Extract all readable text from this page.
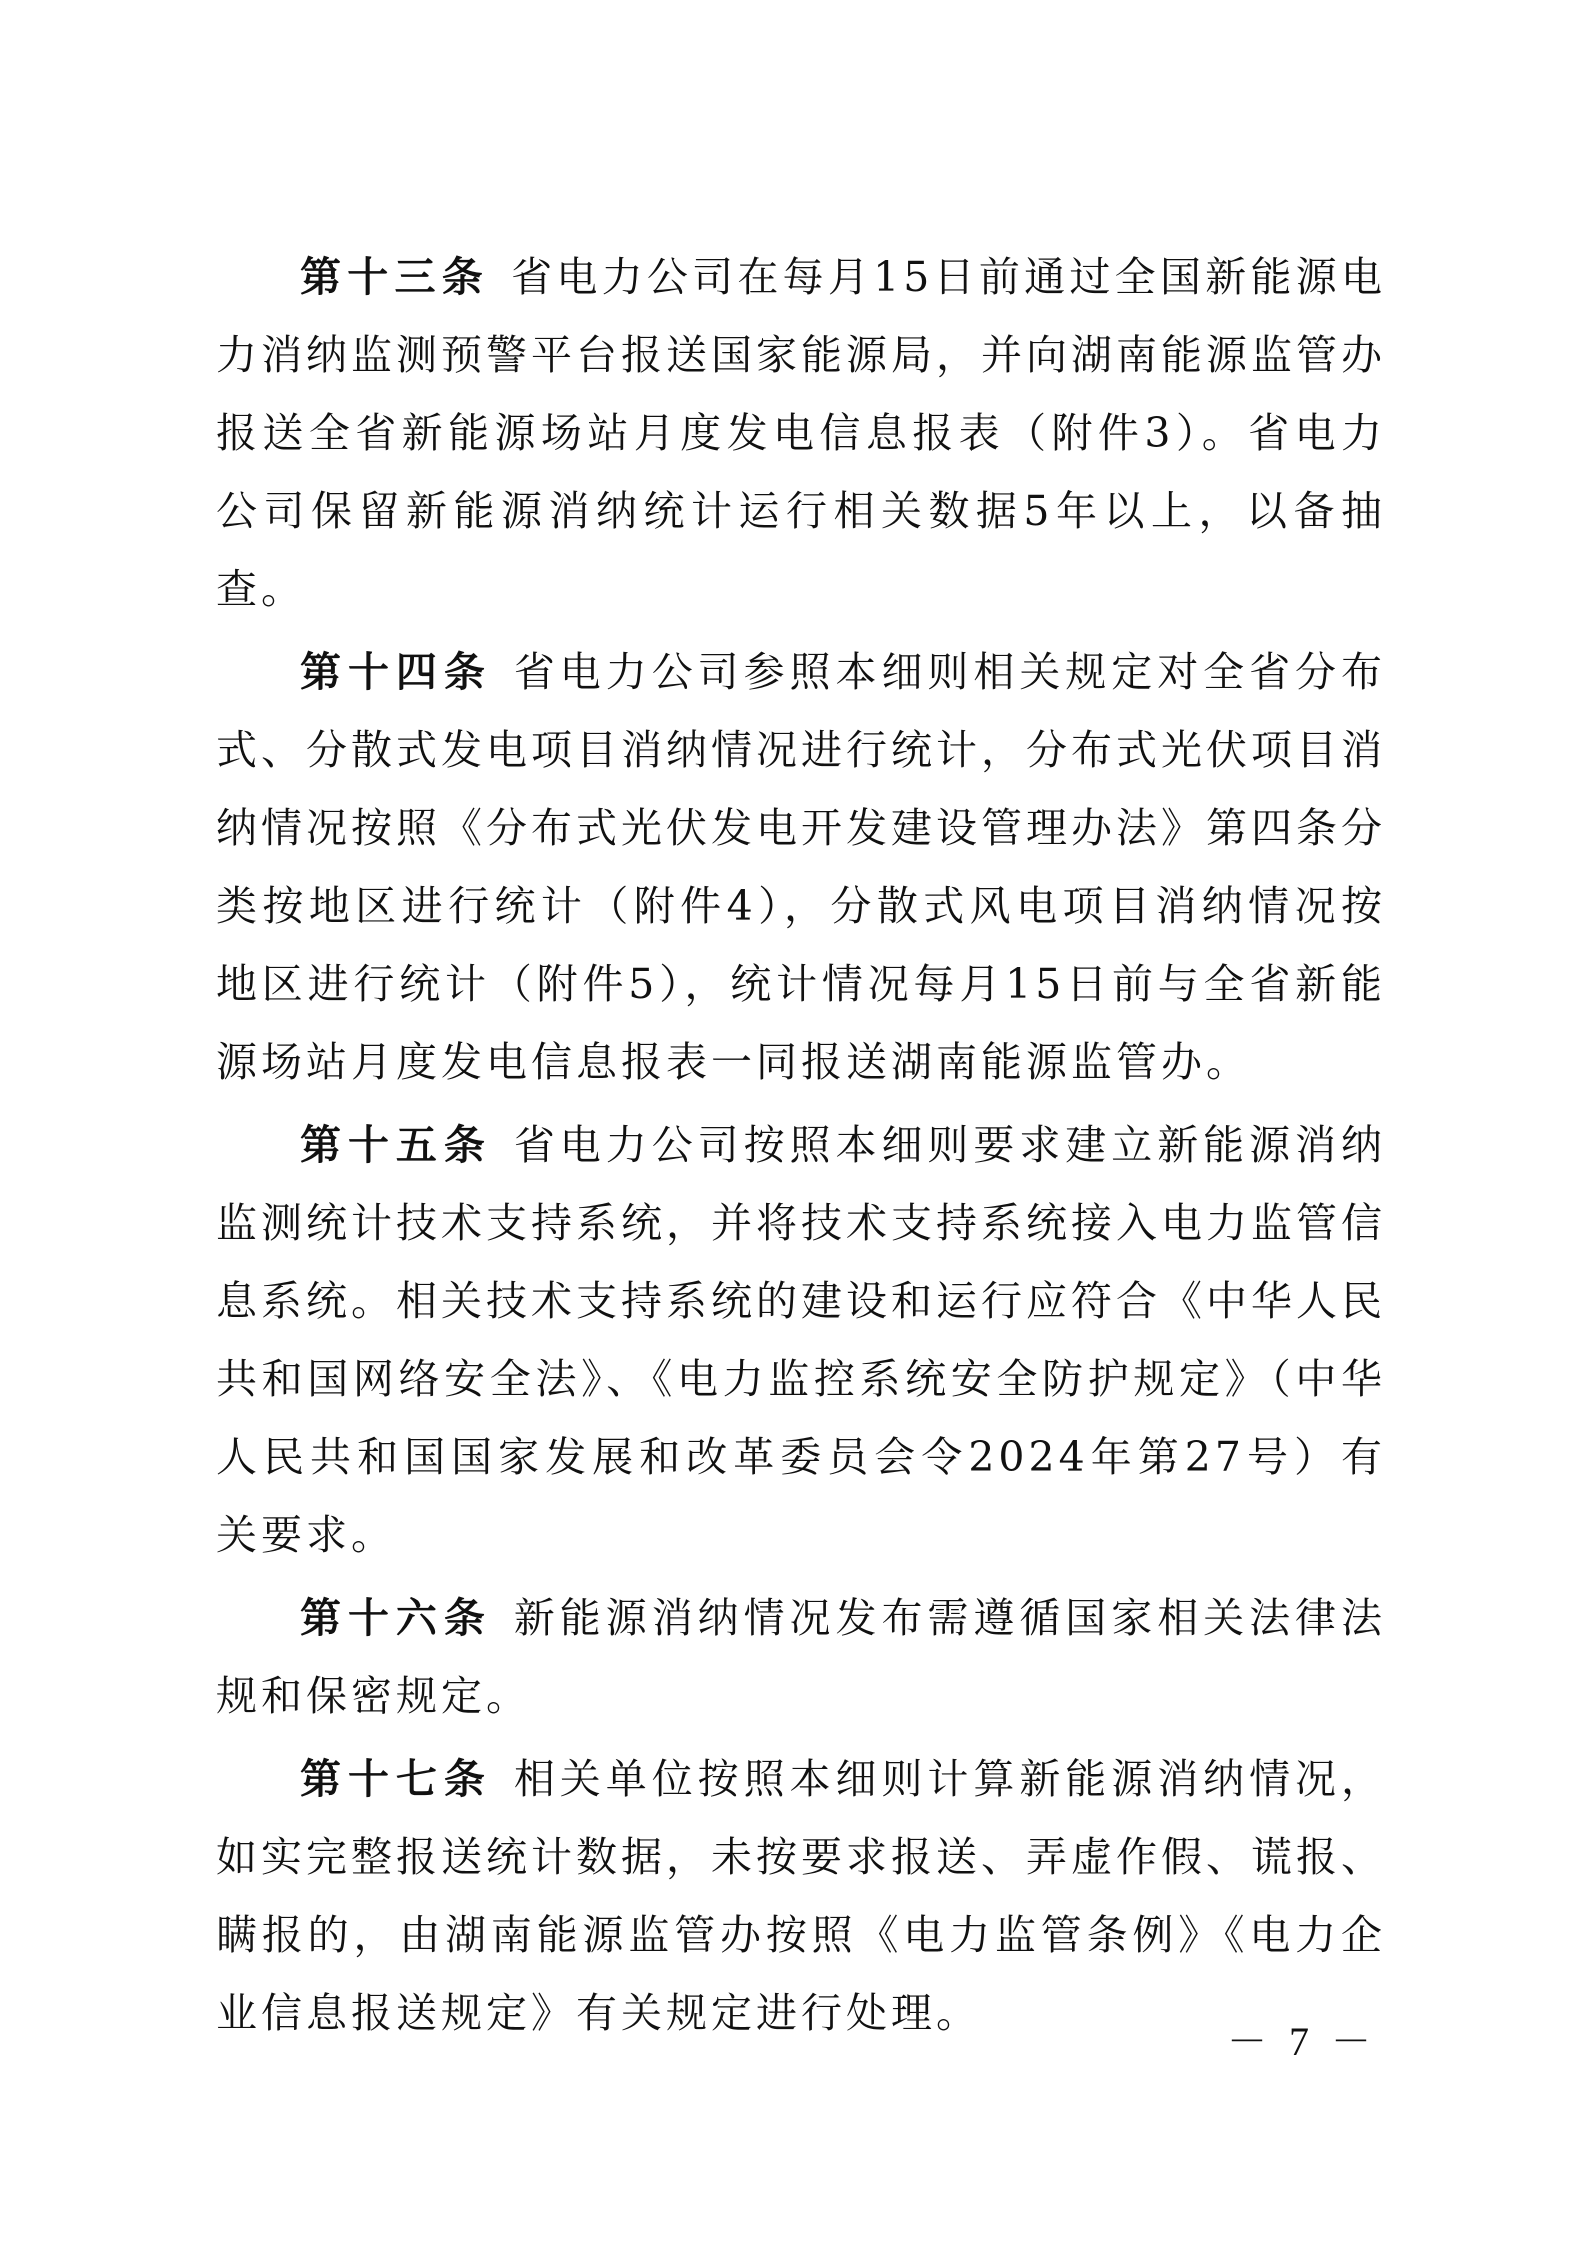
第十三条 省电力公司在每月15日前通过全国新能源电力消纳监测预警平台报送国家能源局，并向湖南能源监管办报送全省新能源场站月度发电信息报表（附件3）。省电力公司保留新能源消纳统计运行相关数据5年以上，以备抽查。

第十四条 省电力公司参照本细则相关规定对全省分布式、分散式发电项目消纳情况进行统计，分布式光伏项目消纳情况按照《分布式光伏发电开发建设管理办法》第四条分类按地区进行统计（附件4），分散式风电项目消纳情况按地区进行统计（附件5），统计情况每月15日前与全省新能源场站月度发电信息报表一同报送湖南能源监管办。

第十五条 省电力公司按照本细则要求建立新能源消纳监测统计技术支持系统，并将技术支持系统接入电力监管信息系统。相关技术支持系统的建设和运行应符合《中华人民共和国网络安全法》、《电力监控系统安全防护规定》（中华人民共和国国家发展和改革委员会令2024年第27号）有关要求。

第十六条 新能源消纳情况发布需遵循国家相关法律法规和保密规定。

第十七条 相关单位按照本细则计算新能源消纳情况，如实完整报送统计数据，未按要求报送、弄虚作假、谎报、瞒报的，由湖南能源监管办按照《电力监管条例》《电力企业信息报送规定》有关规定进行处理。

－ 7 －
